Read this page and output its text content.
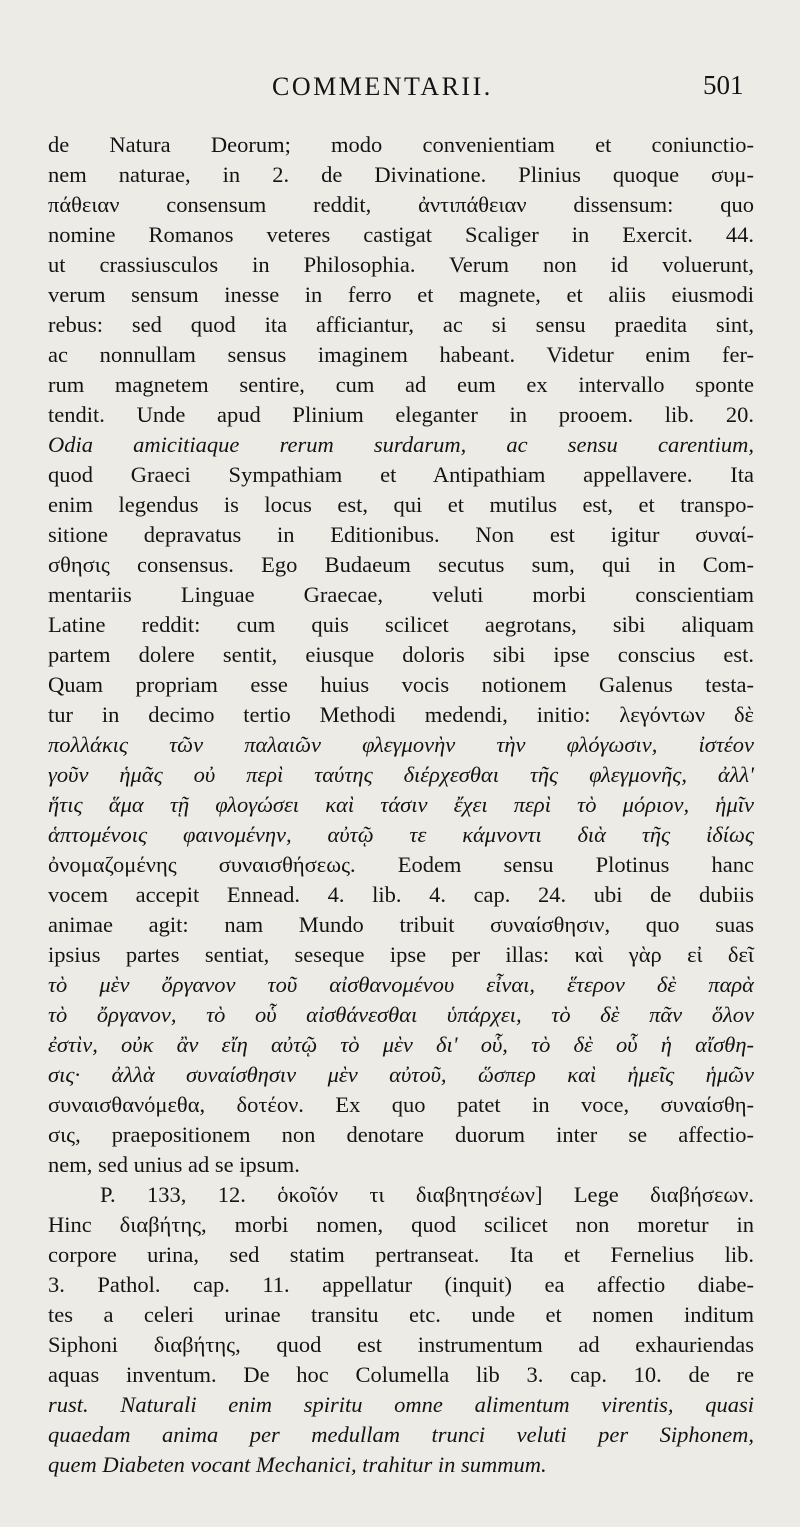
COMMENTARII.	501
de Natura Deorum; modo convenientiam et coniunctio-
nem naturae, in 2. de Divinatione. Plinius quoque συμ-
πάθειαν consensum reddit, ἀντιπάθειαν dissensum: quo
nomine Romanos veteres castigat Scaliger in Exercit. 44.
ut crassiusculos in Philosophia. Verum non id voluerunt,
verum sensum inesse in ferro et magnete, et aliis eiusmodi
rebus: sed quod ita afficiantur, ac si sensu praedita sint,
ac nonnullam sensus imaginem habeant. Videtur enim fer-
rum magnetem sentire, cum ad eum ex intervallo sponte
tendit. Unde apud Plinium eleganter in prooem. lib. 20.
Odia amicitiaque rerum surdarum, ac sensu carentium,
quod Graeci Sympathiam et Antipathiam appellavere. Ita
enim legendus is locus est, qui et mutilus est, et transpo-
sitione depravatus in Editionibus. Non est igitur συναί-
σθησις consensus. Ego Budaeum secutus sum, qui in Com-
mentariis Linguae Graecae, veluti morbi conscientiam
Latine reddit: cum quis scilicet aegrotans, sibi aliquam
partem dolere sentit, eiusque doloris sibi ipse conscius est.
Quam propriam esse huius vocis notionem Galenus testa-
tur in decimo tertio Methodi medendi, initio: λεγόντων δὲ
πολλάκις τῶν παλαιῶν φλεγμονὴν τὴν φλόγωσιν, ἰστέον
γοῦν ἡμᾶς οὐ περὶ ταύτης διέρχεσθαι τῆς φλεγμονῆς, ἀλλ'
ἥτις ἅμα τῇ φλογώσει καὶ τάσιν ἔχει περὶ τὸ μόριον, ἡμῖν
ἁπτομένοις φαινομένην, αὐτῷ τε κάμνοντι διὰ τῆς ἰδίως
ὀνομαζομένης συναισθήσεως. Eodem sensu Plotinus hanc
vocem accepit Ennead. 4. lib. 4. cap. 24. ubi de dubiis
animae agit: nam Mundo tribuit συναίσθησιν, quo suas
ipsius partes sentiat, seseque ipse per illas: καὶ γὰρ εἰ δεῖ
τὸ μὲν ὄργανον τοῦ αἰσθανομένου εἶναι, ἕτερον δὲ παρὰ
τὸ ὄργανον, τὸ οὗ αἰσθάνεσθαι ὑπάρχει, τὸ δὲ πᾶν ὅλον
ἐστὶν, οὐκ ἂν εἴη αὐτῷ τὸ μὲν δι' οὗ, τὸ δὲ οὗ ἡ αἴσθη-
σις· ἀλλὰ συναίσθησιν μὲν αὐτοῦ, ὥσπερ καὶ ἡμεῖς ἡμῶν
συναισθανόμεθα, δοτέον. Ex quo patet in voce, συναίσθη-
σις, praepositionem non denotare duorum inter se affectio-
nem, sed unius ad se ipsum.
P. 133, 12. ὁκοῖόν τι διαβητησέων] Lege διαβήσεων.
Hinc διαβήτης, morbi nomen, quod scilicet non moretur in
corpore urina, sed statim pertranseat. Ita et Fernelius lib.
3. Pathol. cap. 11. appellatur (inquit) ea affectio diabe-
tes a celeri urinae transitu etc. unde et nomen inditum
Siphoni διαβήτης, quod est instrumentum ad exhauriendas
aquas inventum. De hoc Columella lib 3. cap. 10. de re
rust. Naturali enim spiritu omne alimentum virentis, quasi
quaedam anima per medullam trunci veluti per Siphonem,
quem Diabeten vocant Mechanici, trahitur in summum.
